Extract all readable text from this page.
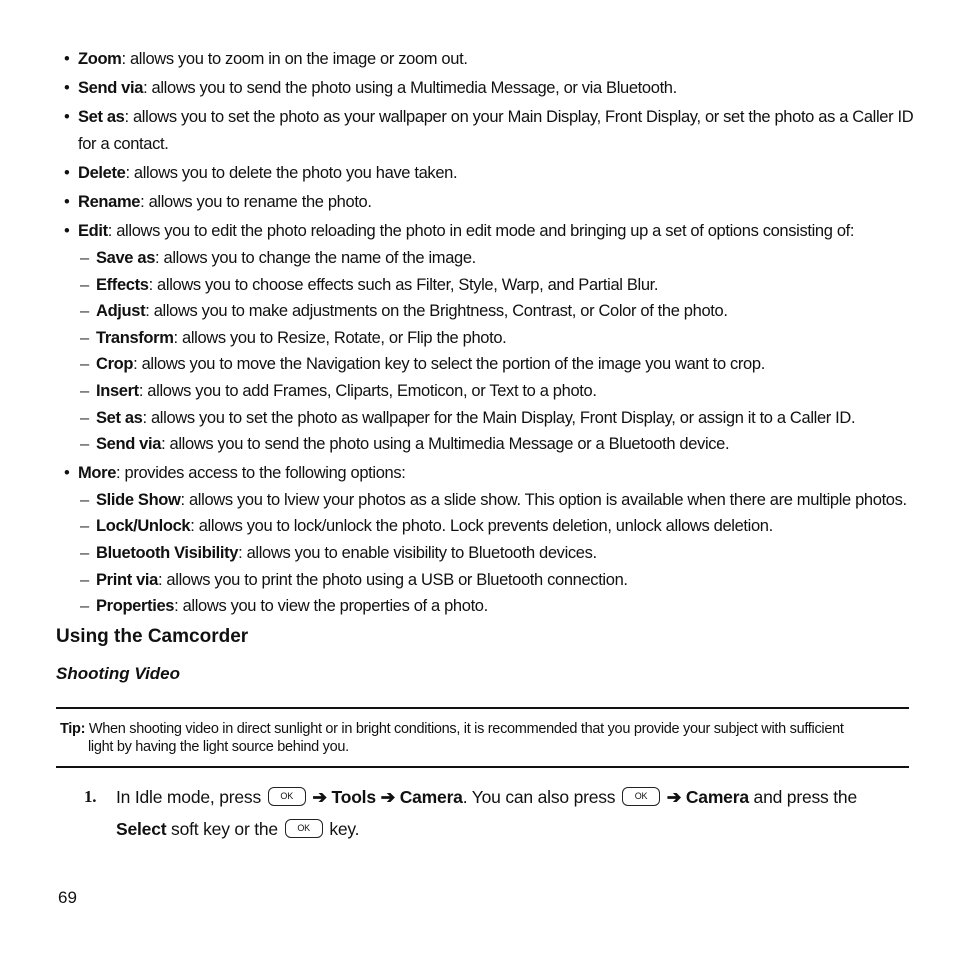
• Zoom: allows you to zoom in on the image or zoom out.
• Send via: allows you to send the photo using a Multimedia Message, or via Bluetooth.
• Set as: allows you to set the photo as your wallpaper on your Main Display, Front Display, or set the photo as a Caller ID
for a contact.
• Delete: allows you to delete the photo you have taken.
• Rename: allows you to rename the photo.
• Edit: allows you to edit the photo reloading the photo in edit mode and bringing up a set of options consisting of:
– Save as: allows you to change the name of the image.
– Effects: allows you to choose effects such as Filter, Style, Warp, and Partial Blur.
– Adjust: allows you to make adjustments on the Brightness, Contrast, or Color of the photo.
– Transform: allows you to Resize, Rotate, or Flip the photo.
– Crop: allows you to move the Navigation key to select the portion of the image you want to crop.
– Insert: allows you to add Frames, Cliparts, Emoticon, or Text to a photo.
– Set as: allows you to set the photo as wallpaper for the Main Display, Front Display, or assign it to a Caller ID.
– Send via: allows you to send the photo using a Multimedia Message or a Bluetooth device.
• More: provides access to the following options:
– Slide Show: allows you to lview your photos as a slide show. This option is available when there are multiple photos.
– Lock/Unlock: allows you to lock/unlock the photo. Lock prevents deletion, unlock allows deletion.
– Bluetooth Visibility: allows you to enable visibility to Bluetooth devices.
– Print via: allows you to print the photo using a USB or Bluetooth connection.
– Properties: allows you to view the properties of a photo.
Using the Camcorder
Shooting Video
Tip: When shooting video in direct sunlight or in bright conditions, it is recommended that you provide your subject with sufficient
light by having the light source behind you.
1. In Idle mode, press OK ➔ Tools ➔ Camera. You can also press OK ➔ Camera and press the Select soft key or the OK key.
69
